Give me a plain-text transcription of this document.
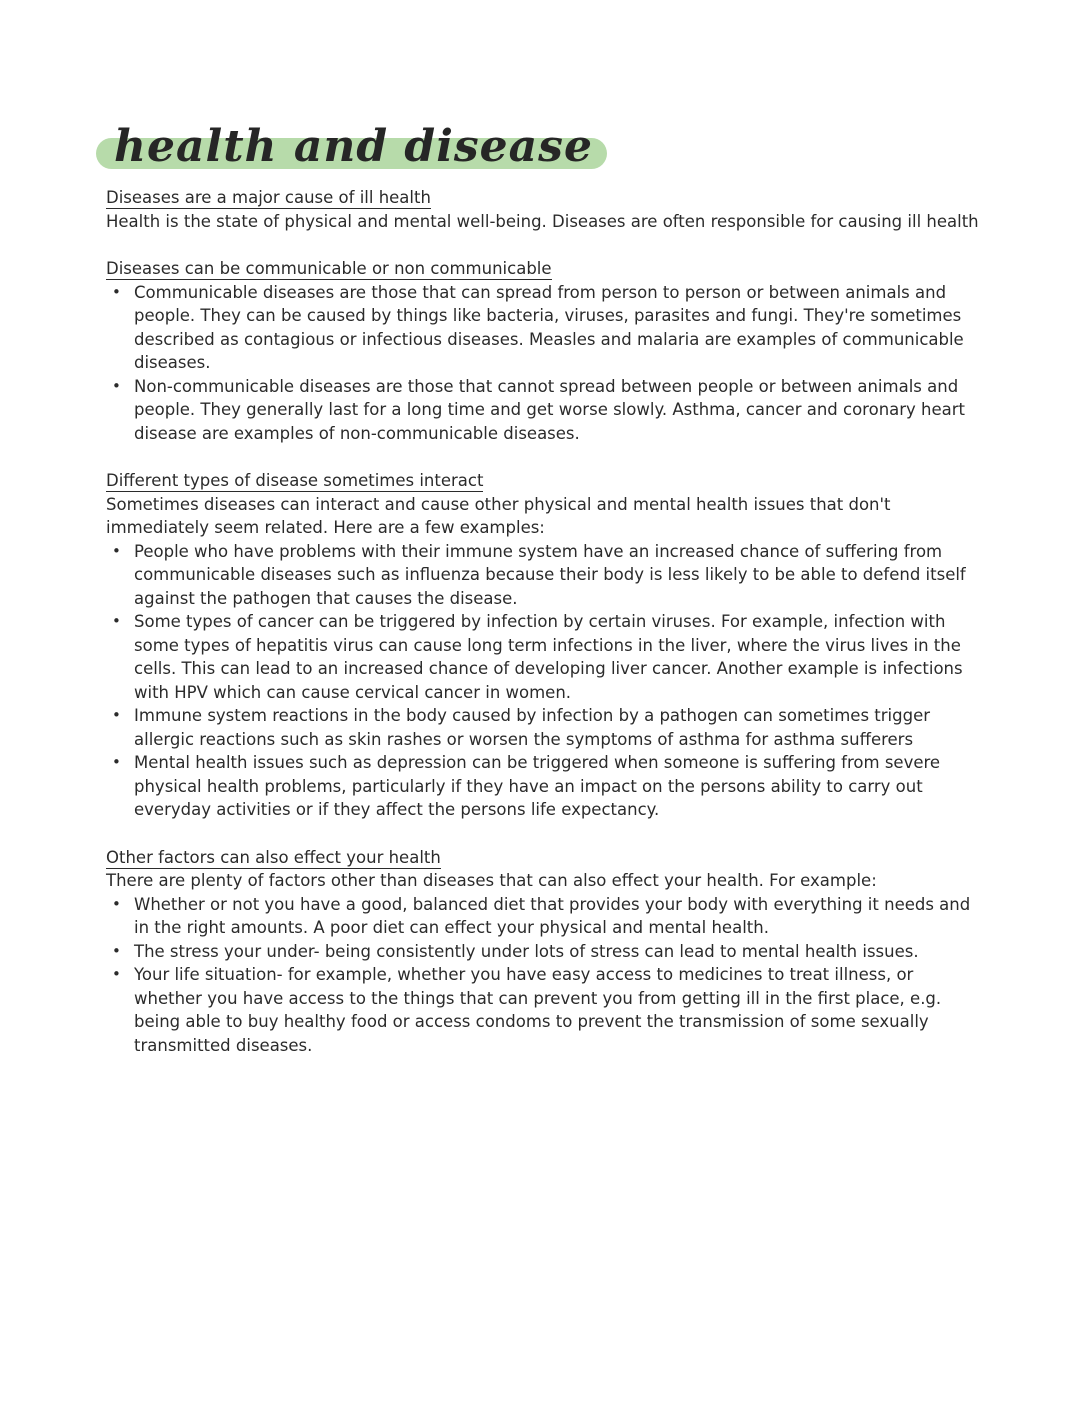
health and disease
Diseases are a major cause of ill health

Health is the state of physical and mental well-being. Diseases are often responsible for causing ill health

Diseases can be communicable or non communicable
• Communicable diseases are those that can spread from person to person or between animals and people. They can be caused by things like bacteria, viruses, parasites and fungi. They're sometimes described as contagious or infectious diseases. Measles and malaria are examples of communicable diseases.
• Non-communicable diseases are those that cannot spread between people or between animals and people. They generally last for a long time and get worse slowly. Asthma, cancer and coronary heart disease are examples of non-communicable diseases.
Different types of disease sometimes interact

Sometimes diseases can interact and cause other physical and mental health issues that don't immediately seem related. Here are a few examples:

• People who have problems with their immune system have an increased chance of suffering from communicable diseases such as influenza because their body is less likely to be able to defend itself against the pathogen that causes the disease.
• Some types of cancer can be triggered by infection by certain viruses. For example, infection with some types of hepatitis virus can cause long term infections in the liver, where the virus lives in the cells. This can lead to an increased chance of developing liver cancer. Another example is infections with HPV which can cause cervical cancer in women.
• Immune system reactions in the body caused by infection by a pathogen can sometimes trigger allergic reactions such as skin rashes or worsen the symptoms of asthma for asthma sufferers
• Mental health issues such as depression can be triggered when someone is suffering from severe physical health problems, particularly if they have an impact on the persons ability to carry out everyday activities or if they affect the persons life expectancy.
Other factors can also effect your health

There are plenty of factors other than diseases that can also effect your health. For example:

• Whether or not you have a good, balanced diet that provides your body with everything it needs and in the right amounts. A poor diet can effect your physical and mental health.
• The stress your under- being consistently under lots of stress can lead to mental health issues.
• Your life situation- for example, whether you have easy access to medicines to treat illness, or whether you have access to the things that can prevent you from getting ill in the first place, e.g. being able to buy healthy food or access condoms to prevent the transmission of some sexually transmitted diseases.
